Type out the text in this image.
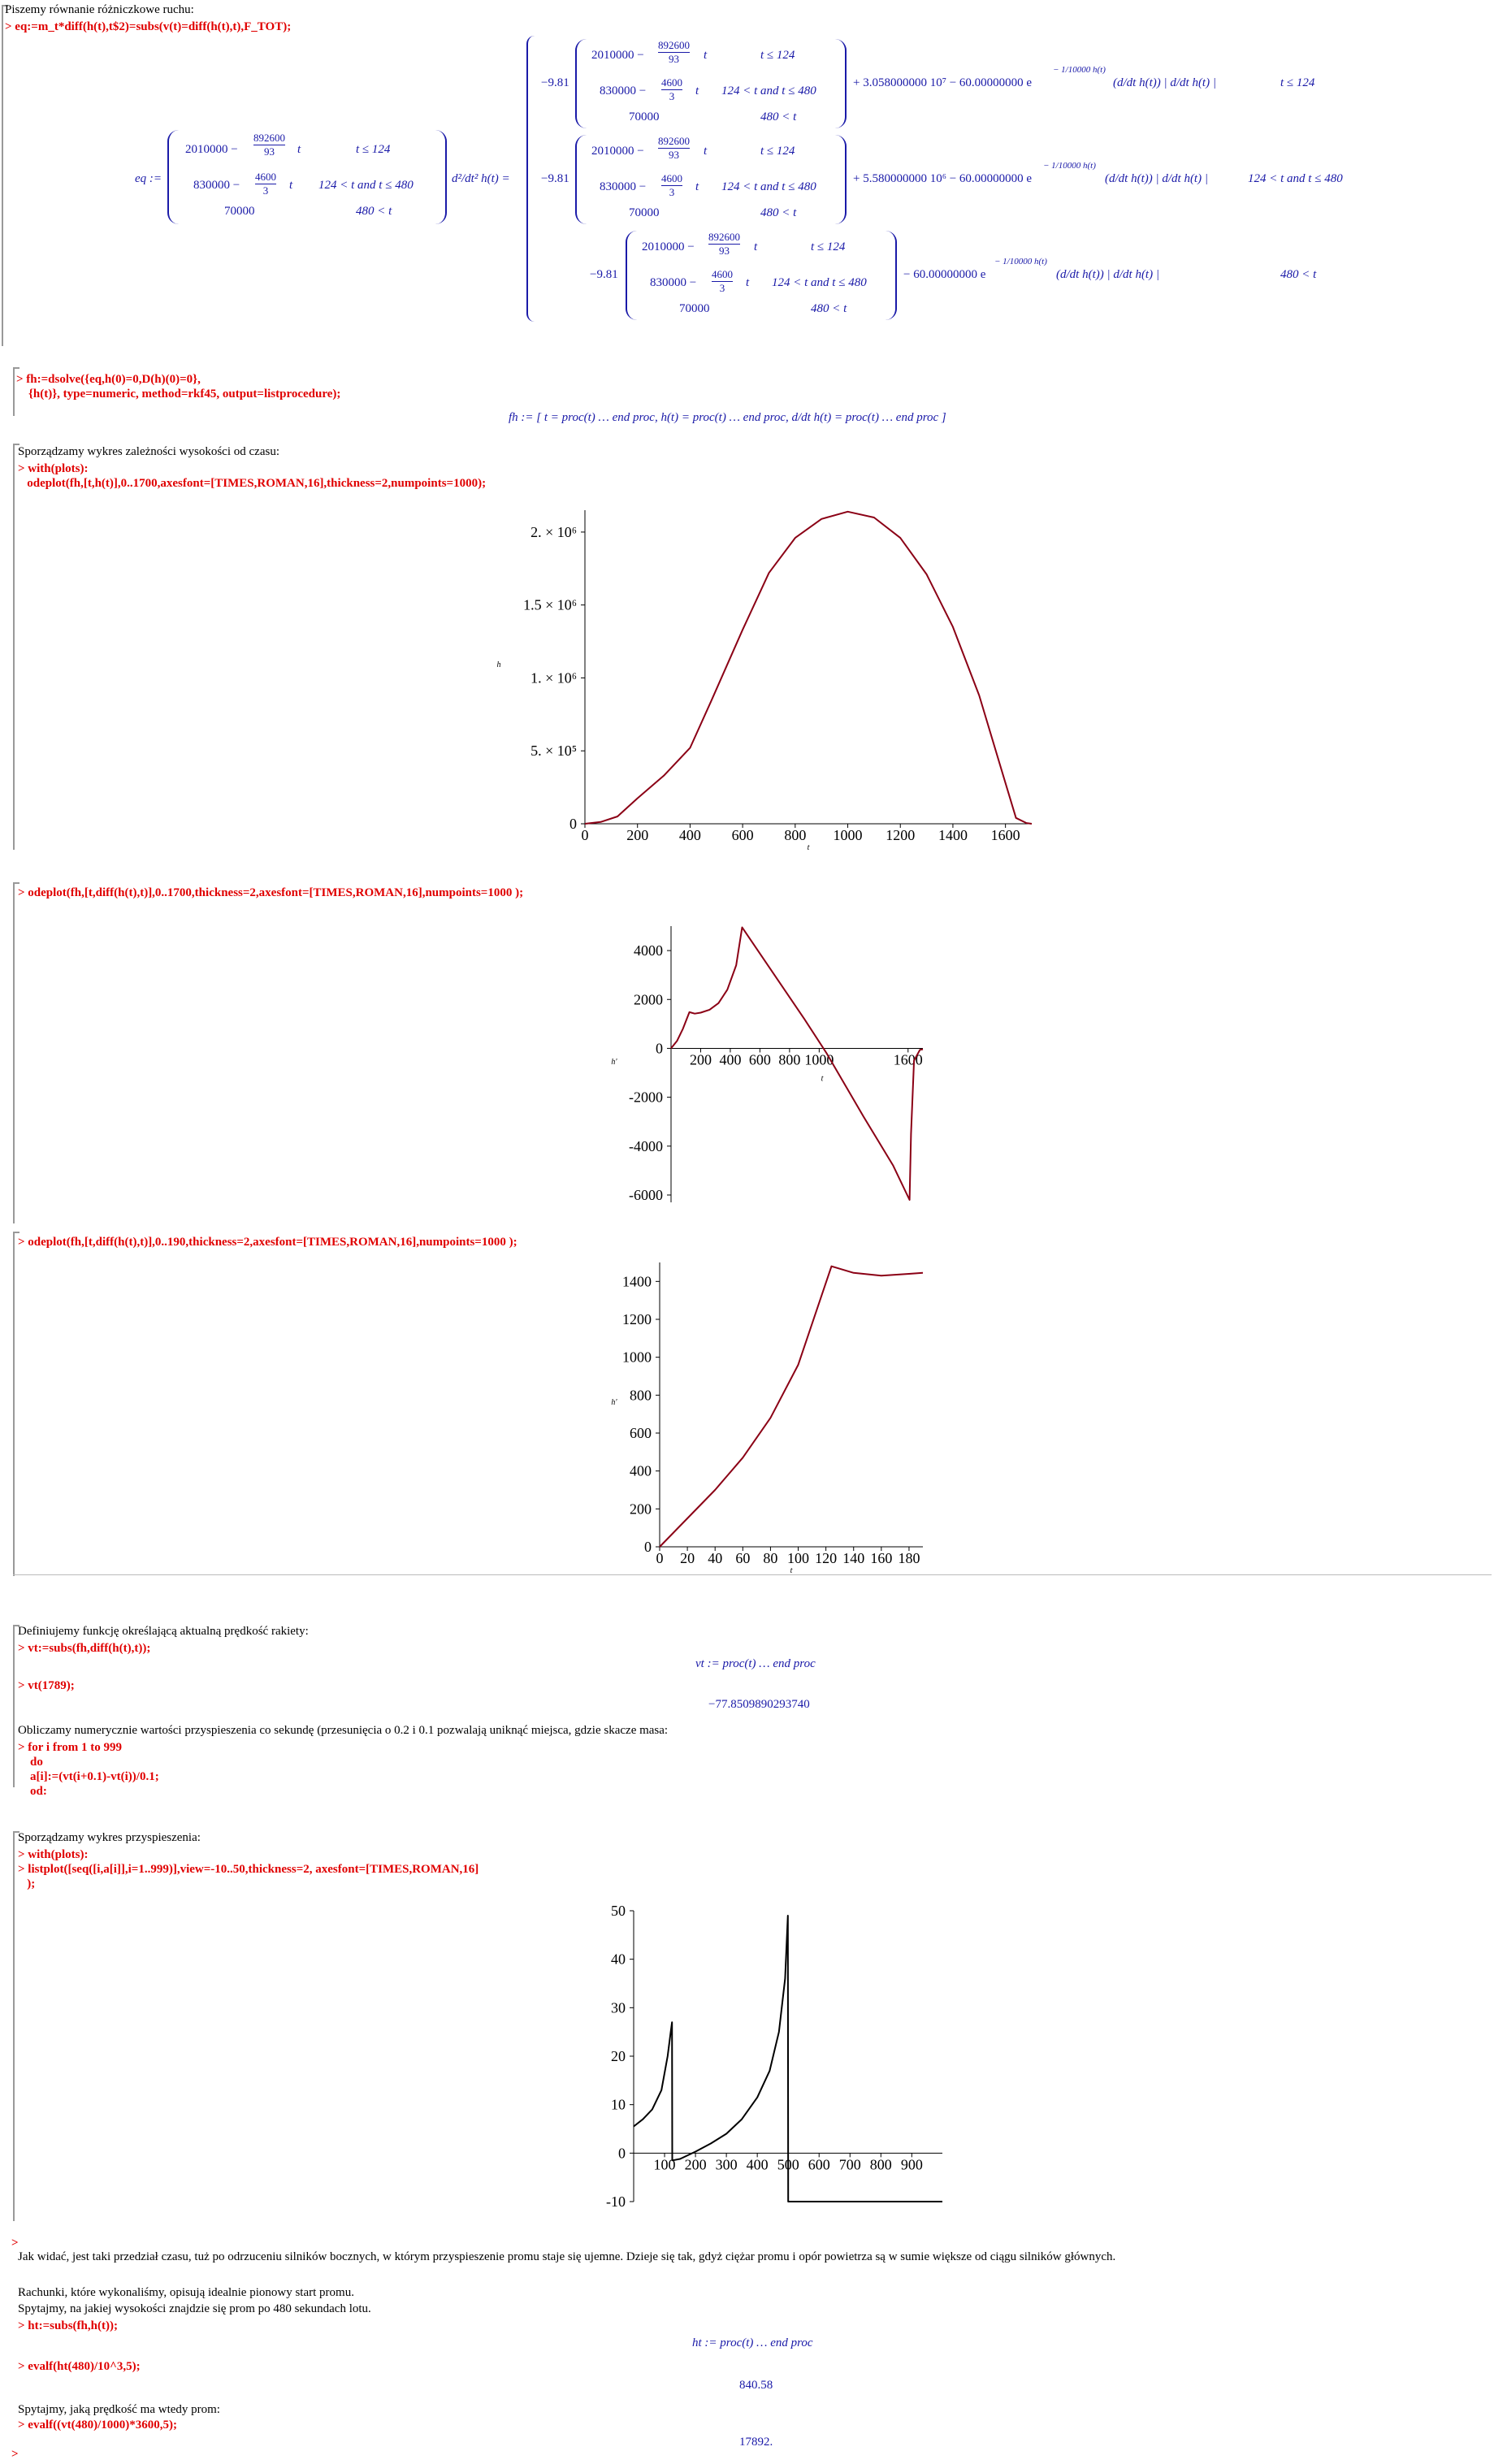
Piszemy równanie różniczkowe ruchu:
> eq:=m_t*diff(h(t),t$2)=subs(v(t)=diff(h(t),t),F_TOT);
eq :=
2010000 −
892600
93	t	t ≤ 124
830000 −
4600
3	t 124 < t and t ≤ 480
70000	480 < t
d²/dt² h(t) =
−9.81
2010000 −
892600
93	t	t ≤ 124
830000 −
4600
3	t 124 < t and t ≤ 480
70000	480 < t
+ 3.058000000 10⁷ − 60.00000000 e
− 1/10000 h(t)
(d/dt h(t)) | d/dt h(t) |	t ≤ 124
−9.81
2010000 −
892600
93	t	t ≤ 124
830000 −
4600
3	t 124 < t and t ≤ 480
70000	480 < t
+ 5.580000000 10⁶ − 60.00000000 e
− 1/10000 h(t)
(d/dt h(t)) | d/dt h(t) |	124 < t and t ≤ 480
−9.81
2010000 −
892600
93	t	t ≤ 124
830000 −
4600
3	t 124 < t and t ≤ 480
70000	480 < t
− 60.00000000 e
− 1/10000 h(t)
(d/dt h(t)) | d/dt h(t) |	480 < t
> fh:=dsolve({eq,h(0)=0,D(h)(0)=0},
{h(t)}, type=numeric, method=rkf45, output=listprocedure);
fh := [ t = proc(t) … end proc, h(t) = proc(t) … end proc, d/dt h(t) = proc(t) … end proc ]
Sporządzamy wykres zależności wysokości od czasu:
> with(plots):
odeplot(fh,[t,h(t)],0..1700,axesfont=[TIMES,ROMAN,16],thickness=2,numpoints=1000);
0	200 400 600 800 1000 1200 1400 1600
0
5. × 10⁵
1. × 10⁶
1.5 × 10⁶
2. × 10⁶
t
h
> odeplot(fh,[t,diff(h(t),t)],0..1700,thickness=2,axesfont=[TIMES,ROMAN,16],numpoints=1000 );
200 400 600 800 1000	1600
-6000
-4000
-2000
0
2000
4000
t
h'
> odeplot(fh,[t,diff(h(t),t)],0..190,thickness=2,axesfont=[TIMES,ROMAN,16],numpoints=1000 );
0 20 40 60 80 100 120 140 160 180
0
200
400
600
800
1000
1200
1400
t
h'
Definiujemy funkcję określającą aktualną prędkość rakiety:
> vt:=subs(fh,diff(h(t),t));
vt := proc(t) … end proc
> vt(1789);
−77.8509890293740
Obliczamy numerycznie wartości przyspieszenia co sekundę (przesunięcia o 0.2 i 0.1 pozwalają uniknąć miejsca, gdzie skacze masa:
> for i from 1 to 999
do
a[i]:=(vt(i+0.1)-vt(i))/0.1;
od:
Sporządzamy wykres przyspieszenia:
> with(plots):
> listplot([seq([i,a[i]],i=1..999)],view=-10..50,thickness=2, axesfont=[TIMES,ROMAN,16]
);
100 200 300 400 500 600 700 800 900
-10
0
10
20
30
40
50
>
Jak widać, jest taki przedział czasu, tuż po odrzuceniu silników bocznych, w którym przyspieszenie promu staje się ujemne. Dzieje się tak, gdyż ciężar promu i opór powietrza są w sumie większe od ciągu silników głównych.
Rachunki, które wykonaliśmy, opisują idealnie pionowy start promu.
Spytajmy, na jakiej wysokości znajdzie się prom po 480 sekundach lotu.
> ht:=subs(fh,h(t));
ht := proc(t) … end proc
> evalf(ht(480)/10^3,5);
840.58
Spytajmy, jaką prędkość ma wtedy prom:
> evalf((vt(480)/1000)*3600,5);
17892.
>
